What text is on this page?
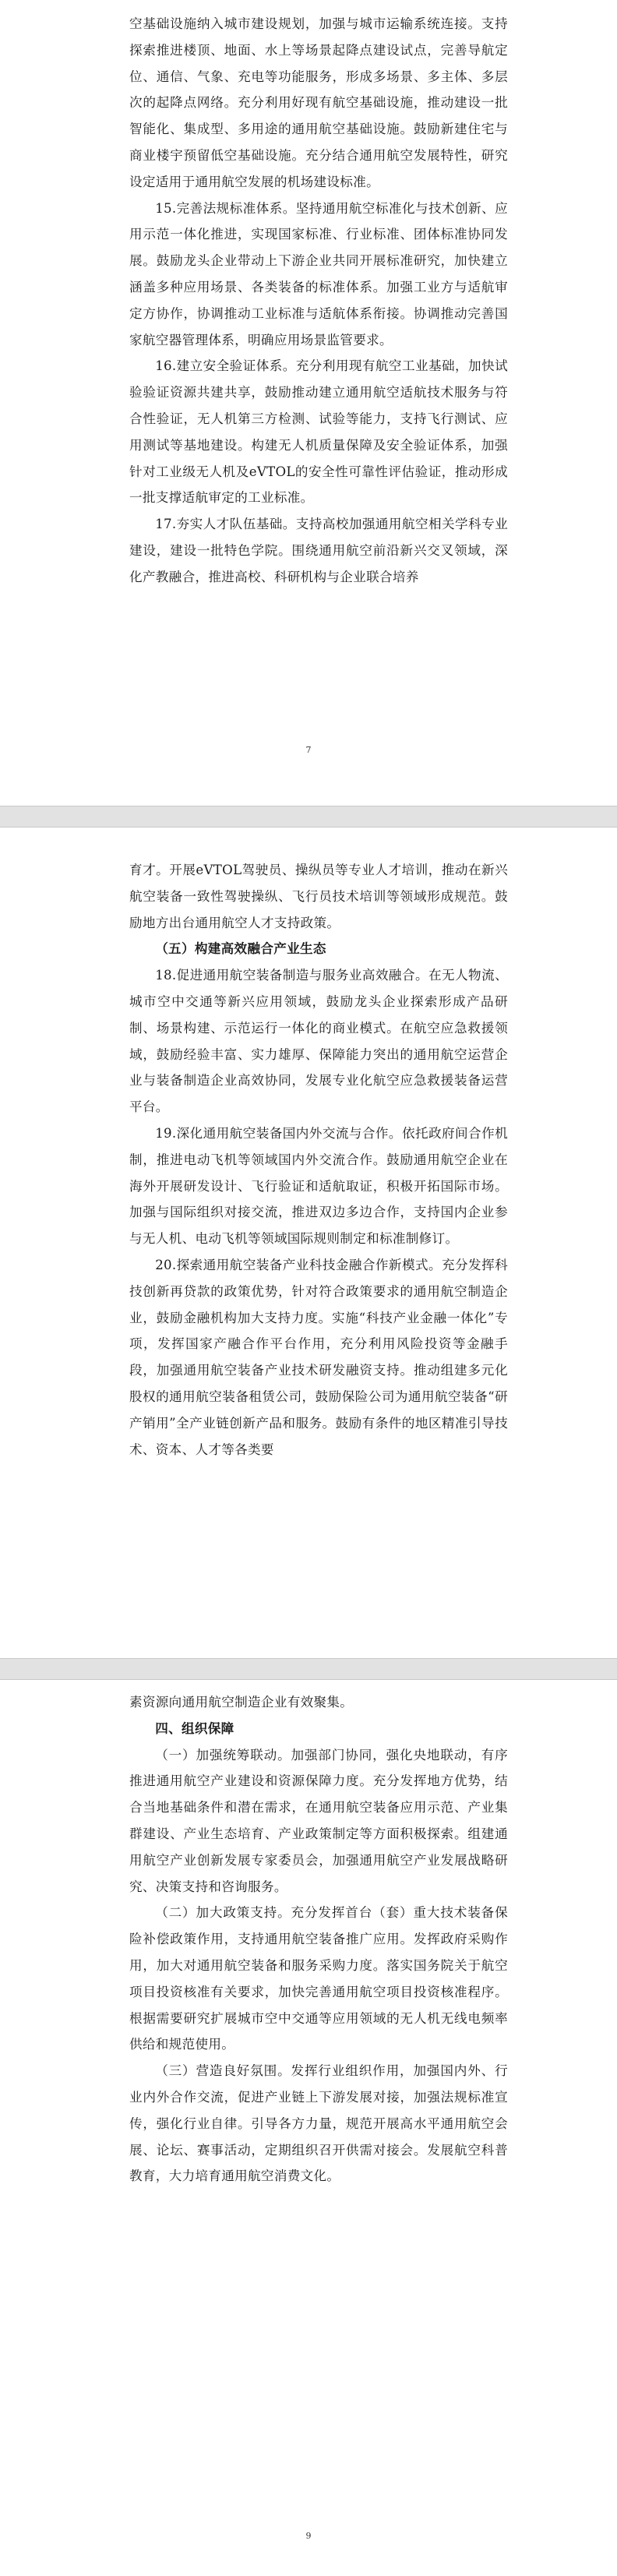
空基础设施纳入城市建设规划，加强与城市运输系统连接。支持探索推进楼顶、地面、水上等场景起降点建设试点，完善导航定位、通信、气象、充电等功能服务，形成多场景、多主体、多层次的起降点网络。充分利用好现有航空基础设施，推动建设一批智能化、集成型、多用途的通用航空基础设施。鼓励新建住宅与商业楼宇预留低空基础设施。充分结合通用航空发展特性，研究设定适用于通用航空发展的机场建设标准。

15.完善法规标准体系。坚持通用航空标准化与技术创新、应用示范一体化推进，实现国家标准、行业标准、团体标准协同发展。鼓励龙头企业带动上下游企业共同开展标准研究，加快建立涵盖多种应用场景、各类装备的标准体系。加强工业方与适航审定方协作，协调推动工业标准与适航体系衔接。协调推动完善国家航空器管理体系，明确应用场景监管要求。

16.建立安全验证体系。充分利用现有航空工业基础，加快试验验证资源共建共享，鼓励推动建立通用航空适航技术服务与符合性验证，无人机第三方检测、试验等能力，支持飞行测试、应用测试等基地建设。构建无人机质量保障及安全验证体系，加强针对工业级无人机及eVTOL的安全性可靠性评估验证，推动形成一批支撑适航审定的工业标准。

17.夯实人才队伍基础。支持高校加强通用航空相关学科专业建设，建设一批特色学院。围绕通用航空前沿新兴交叉领域，深化产教融合，推进高校、科研机构与企业联合培养

7

育才。开展eVTOL驾驶员、操纵员等专业人才培训，推动在新兴航空装备一致性驾驶操纵、飞行员技术培训等领域形成规范。鼓励地方出台通用航空人才支持政策。

（五）构建高效融合产业生态

18.促进通用航空装备制造与服务业高效融合。在无人物流、城市空中交通等新兴应用领域，鼓励龙头企业探索形成产品研制、场景构建、示范运行一体化的商业模式。在航空应急救援领域，鼓励经验丰富、实力雄厚、保障能力突出的通用航空运营企业与装备制造企业高效协同，发展专业化航空应急救援装备运营平台。

19.深化通用航空装备国内外交流与合作。依托政府间合作机制，推进电动飞机等领域国内外交流合作。鼓励通用航空企业在海外开展研发设计、飞行验证和适航取证，积极开拓国际市场。加强与国际组织对接交流，推进双边多边合作，支持国内企业参与无人机、电动飞机等领域国际规则制定和标准制修订。

20.探索通用航空装备产业科技金融合作新模式。充分发挥科技创新再贷款的政策优势，针对符合政策要求的通用航空制造企业，鼓励金融机构加大支持力度。实施“科技产业金融一体化”专项，发挥国家产融合作平台作用，充分利用风险投资等金融手段，加强通用航空装备产业技术研发融资支持。推动组建多元化股权的通用航空装备租赁公司，鼓励保险公司为通用航空装备“研产销用”全产业链创新产品和服务。鼓励有条件的地区精准引导技术、资本、人才等各类要

素资源向通用航空制造企业有效聚集。

四、组织保障

（一）加强统筹联动。加强部门协同，强化央地联动，有序推进通用航空产业建设和资源保障力度。充分发挥地方优势，结合当地基础条件和潜在需求，在通用航空装备应用示范、产业集群建设、产业生态培育、产业政策制定等方面积极探索。组建通用航空产业创新发展专家委员会，加强通用航空产业发展战略研究、决策支持和咨询服务。

（二）加大政策支持。充分发挥首台（套）重大技术装备保险补偿政策作用，支持通用航空装备推广应用。发挥政府采购作用，加大对通用航空装备和服务采购力度。落实国务院关于航空项目投资核准有关要求，加快完善通用航空项目投资核准程序。根据需要研究扩展城市空中交通等应用领域的无人机无线电频率供给和规范使用。

（三）营造良好氛围。发挥行业组织作用，加强国内外、行业内外合作交流，促进产业链上下游发展对接，加强法规标准宣传，强化行业自律。引导各方力量，规范开展高水平通用航空会展、论坛、赛事活动，定期组织召开供需对接会。发展航空科普教育，大力培育通用航空消费文化。

9
